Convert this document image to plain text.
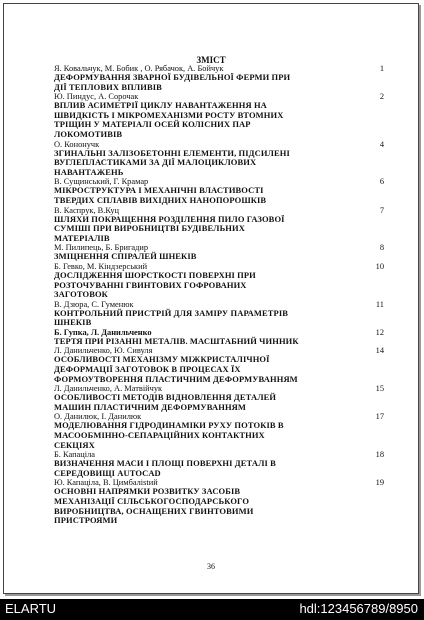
ЗМІСТ
Я. Ковальчук, М. Бобик , О. Рябачок, А. Бойчук	1
ДЕФОРМУВАННЯ ЗВАРНОЇ БУДІВЕЛЬНОЇ ФЕРМИ ПРИ
ДІЇ ТЕПЛОВИХ ВПЛИВІВ
Ю. Пиндус, А. Сорочак	2
ВПЛИВ АСИМЕТРІЇ ЦИКЛУ НАВАНТАЖЕННЯ НА
ШВИДКІСТЬ І МІКРОМЕХАНІЗМИ РОСТУ ВТОМНИХ
ТРІЩИН У МАТЕРІАЛІ ОСЕЙ КОЛІСНИХ ПАР
ЛОКОМОТИВІВ
О. Кононучк	4
ЗГИНАЛЬНІ ЗАЛІЗОБЕТОННІ ЕЛЕМЕНТИ, ПІДСИЛЕНІ
ВУГЛЕПЛАСТИКАМИ ЗА ДІЇ МАЛОЦИКЛОВИХ
НАВАНТАЖЕНЬ
В. Сущинський, Г. Крамар	6
МІКРОСТРУКТУРА І МЕХАНІЧНІ ВЛАСТИВОСТІ
ТВЕРДИХ СПЛАВІВ ВИХІДНИХ НАНОПОРОШКІВ
В. Каспрук, В.Куц	7
ШЛЯХИ ПОКРАЩЕННЯ РОЗДІЛЕННЯ ПИЛО ГАЗОВОЇ
СУМІШІ ПРИ ВИРОБНИЦТВІ БУДІВЕЛЬНИХ
МАТЕРІАЛІВ
М. Пилипець, Б. Бригадир	8
ЗМІЦНЕННЯ СПІРАЛЕЙ ШНЕКІВ
Б. Гевко, М. Кіндзерський	10
ДОСЛІДЖЕННЯ ШОРСТКОСТІ ПОВЕРХНІ ПРИ
РОЗТОЧУВАННІ ГВИНТОВИХ ГОФРОВАНИХ
ЗАГОТОВОК
В. Дзюра, С. Гуменюк	11
КОНТРОЛЬНИЙ ПРИСТРІЙ ДЛЯ ЗАМІРУ ПАРАМЕТРІВ
ШНЕКІВ
Б. Гупка, Л. Данильченко	12
ТЕРТЯ ПРИ РІЗАННІ МЕТАЛІВ. МАСШТАБНИЙ ЧИННИК
Л. Данильченко, Ю. Сивуля	14
ОСОБЛИВОСТІ МЕХАНІЗМУ МІЖКРИСТАЛІЧНОЇ
ДЕФОРМАЦІЇ ЗАГОТОВОК В ПРОЦЕСАХ ЇХ
ФОРМОУТВОРЕННЯ ПЛАСТИЧНИМ ДЕФОРМУВАННЯМ
Л. Данильченко, А. Матвійчук	15
ОСОБЛИВОСТІ МЕТОДІВ ВІДНОВЛЕННЯ ДЕТАЛЕЙ
МАШИН ПЛАСТИЧНИМ ДЕФОРМУВАННЯМ
О. Данилюк, І. Данилюк	17
МОДЕЛЮВАННЯ ГІДРОДИНАМІКИ РУХУ ПОТОКІВ В
МАСООБМІННО-СЕПАРАЦІЙНИХ КОНТАКТНИХ
СЕКЦІЯХ
Б. Капаціла	18
ВИЗНАЧЕННЯ МАСИ І ПЛОЩІ ПОВЕРХНІ ДЕТАЛІ В
СЕРЕДОВИЩІ AUTOCAD
Ю. Капаціла, В. Цимбаліstий	19
ОСНОВНІ НАПРЯМКИ РОЗВИТКУ ЗАСОБІВ
МЕХАНІЗАЦІЇ СІЛЬСЬКОГОСПОДАРСЬКОГО
ВИРОБНИЦТВА, ОСНАЩЕНИХ ГВИНТОВИМИ
ПРИСТРОЯМИ
36
ELARTU	hdl:123456789/8950
